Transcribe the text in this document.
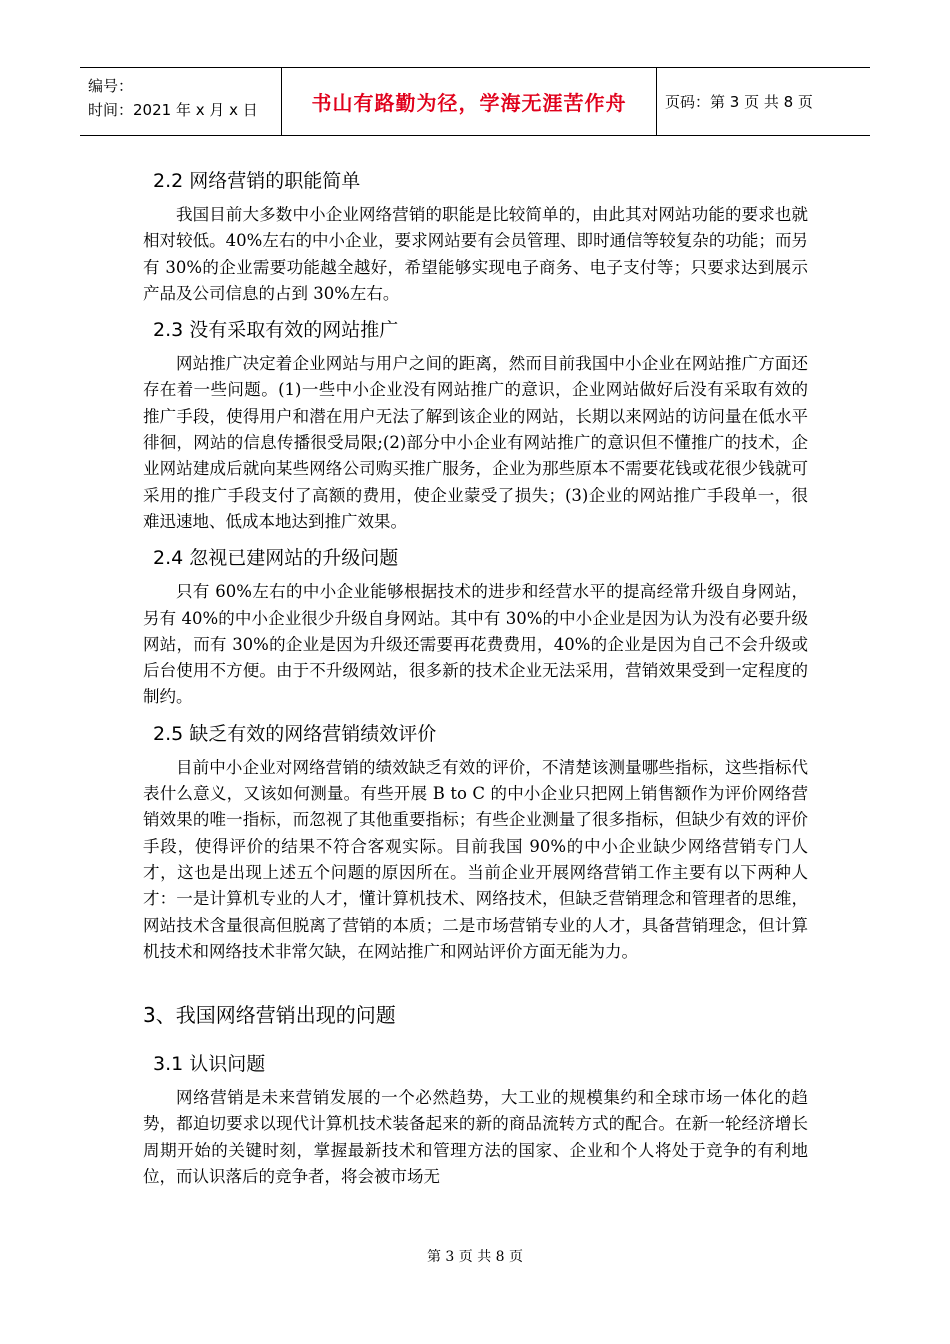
编号：
时间：2021 年 x 月 x 日	书山有路勤为径，学海无涯苦作舟	页码：第 3 页 共 8 页
2.2 网络营销的职能简单

我国目前大多数中小企业网络营销的职能是比较简单的，由此其对网站功能的要求也就相对较低。40%左右的中小企业，要求网站要有会员管理、即时通信等较复杂的功能；而另有 30%的企业需要功能越全越好，希望能够实现电子商务、电子支付等；只要求达到展示产品及公司信息的占到 30%左右。

2.3 没有采取有效的网站推广

网站推广决定着企业网站与用户之间的距离，然而目前我国中小企业在网站推广方面还存在着一些问题。(1)一些中小企业没有网站推广的意识，企业网站做好后没有采取有效的推广手段，使得用户和潜在用户无法了解到该企业的网站，长期以来网站的访问量在低水平徘徊，网站的信息传播很受局限;(2)部分中小企业有网站推广的意识但不懂推广的技术，企业网站建成后就向某些网络公司购买推广服务，企业为那些原本不需要花钱或花很少钱就可采用的推广手段支付了高额的费用，使企业蒙受了损失；(3)企业的网站推广手段单一，很难迅速地、低成本地达到推广效果。

2.4 忽视已建网站的升级问题

只有 60%左右的中小企业能够根据技术的进步和经营水平的提高经常升级自身网站，另有 40%的中小企业很少升级自身网站。其中有 30%的中小企业是因为认为没有必要升级网站，而有 30%的企业是因为升级还需要再花费费用，40%的企业是因为自己不会升级或后台使用不方便。由于不升级网站，很多新的技术企业无法采用，营销效果受到一定程度的制约。

2.5 缺乏有效的网络营销绩效评价

目前中小企业对网络营销的绩效缺乏有效的评价，不清楚该测量哪些指标，这些指标代表什么意义，又该如何测量。有些开展 B to C 的中小企业只把网上销售额作为评价网络营销效果的唯一指标，而忽视了其他重要指标；有些企业测量了很多指标，但缺少有效的评价手段，使得评价的结果不符合客观实际。目前我国 90%的中小企业缺少网络营销专门人才，这也是出现上述五个问题的原因所在。当前企业开展网络营销工作主要有以下两种人才：一是计算机专业的人才，懂计算机技术、网络技术，但缺乏营销理念和管理者的思维，网站技术含量很高但脱离了营销的本质；二是市场营销专业的人才，具备营销理念，但计算机技术和网络技术非常欠缺，在网站推广和网站评价方面无能为力。

3、我国网络营销出现的问题
3.1 认识问题

网络营销是未来营销发展的一个必然趋势，大工业的规模集约和全球市场一体化的趋势，都迫切要求以现代计算机技术装备起来的新的商品流转方式的配合。在新一轮经济增长周期开始的关键时刻，掌握最新技术和管理方法的国家、企业和个人将处于竞争的有利地位，而认识落后的竞争者，将会被市场无

第 3 页 共 8 页
